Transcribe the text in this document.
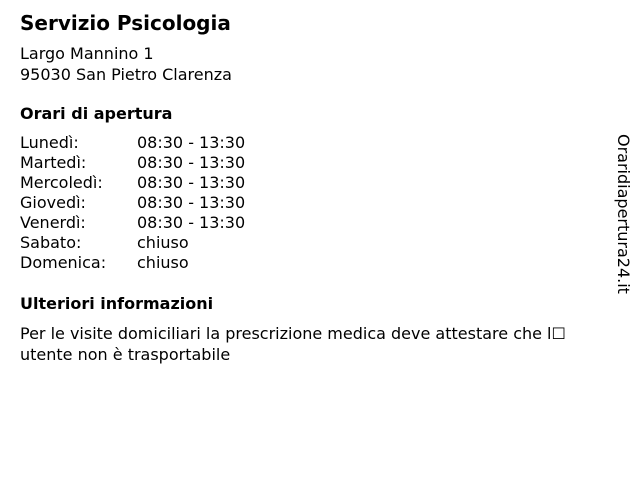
Servizio Psicologia
Largo Mannino 1
95030 San Pietro Clarenza
Orari di apertura
Lunedì:	08:30 - 13:30
Martedì:	08:30 - 13:30
Mercoledì: 08:30 - 13:30
Giovedì:	08:30 - 13:30
Venerdì:	08:30 - 13:30
Sabato:	chiuso
Domenica: chiuso
Ulteriori informazioni
Per le visite domiciliari la prescrizione medica deve attestare che l☐
utente non è trasportabile
Oraridiapertura24.it
